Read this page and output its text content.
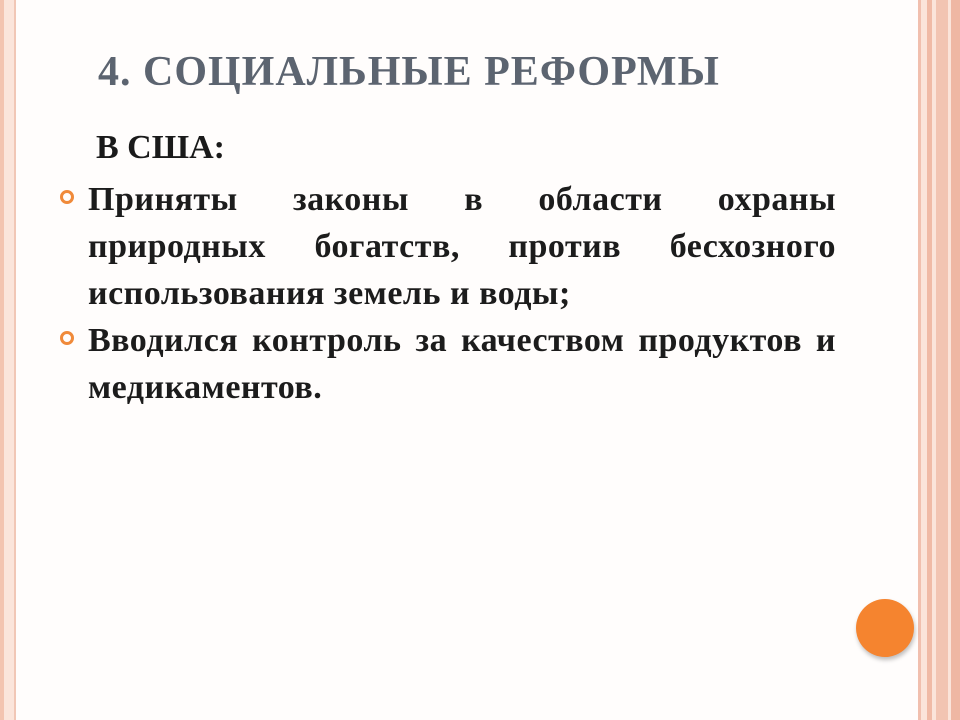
4. СОЦИАЛЬНЫЕ РЕФОРМЫ
В США:
Приняты законы в области охраны природных богатств, против бесхозного использования земель и воды;
Вводился контроль за качеством продуктов и медикаментов.
